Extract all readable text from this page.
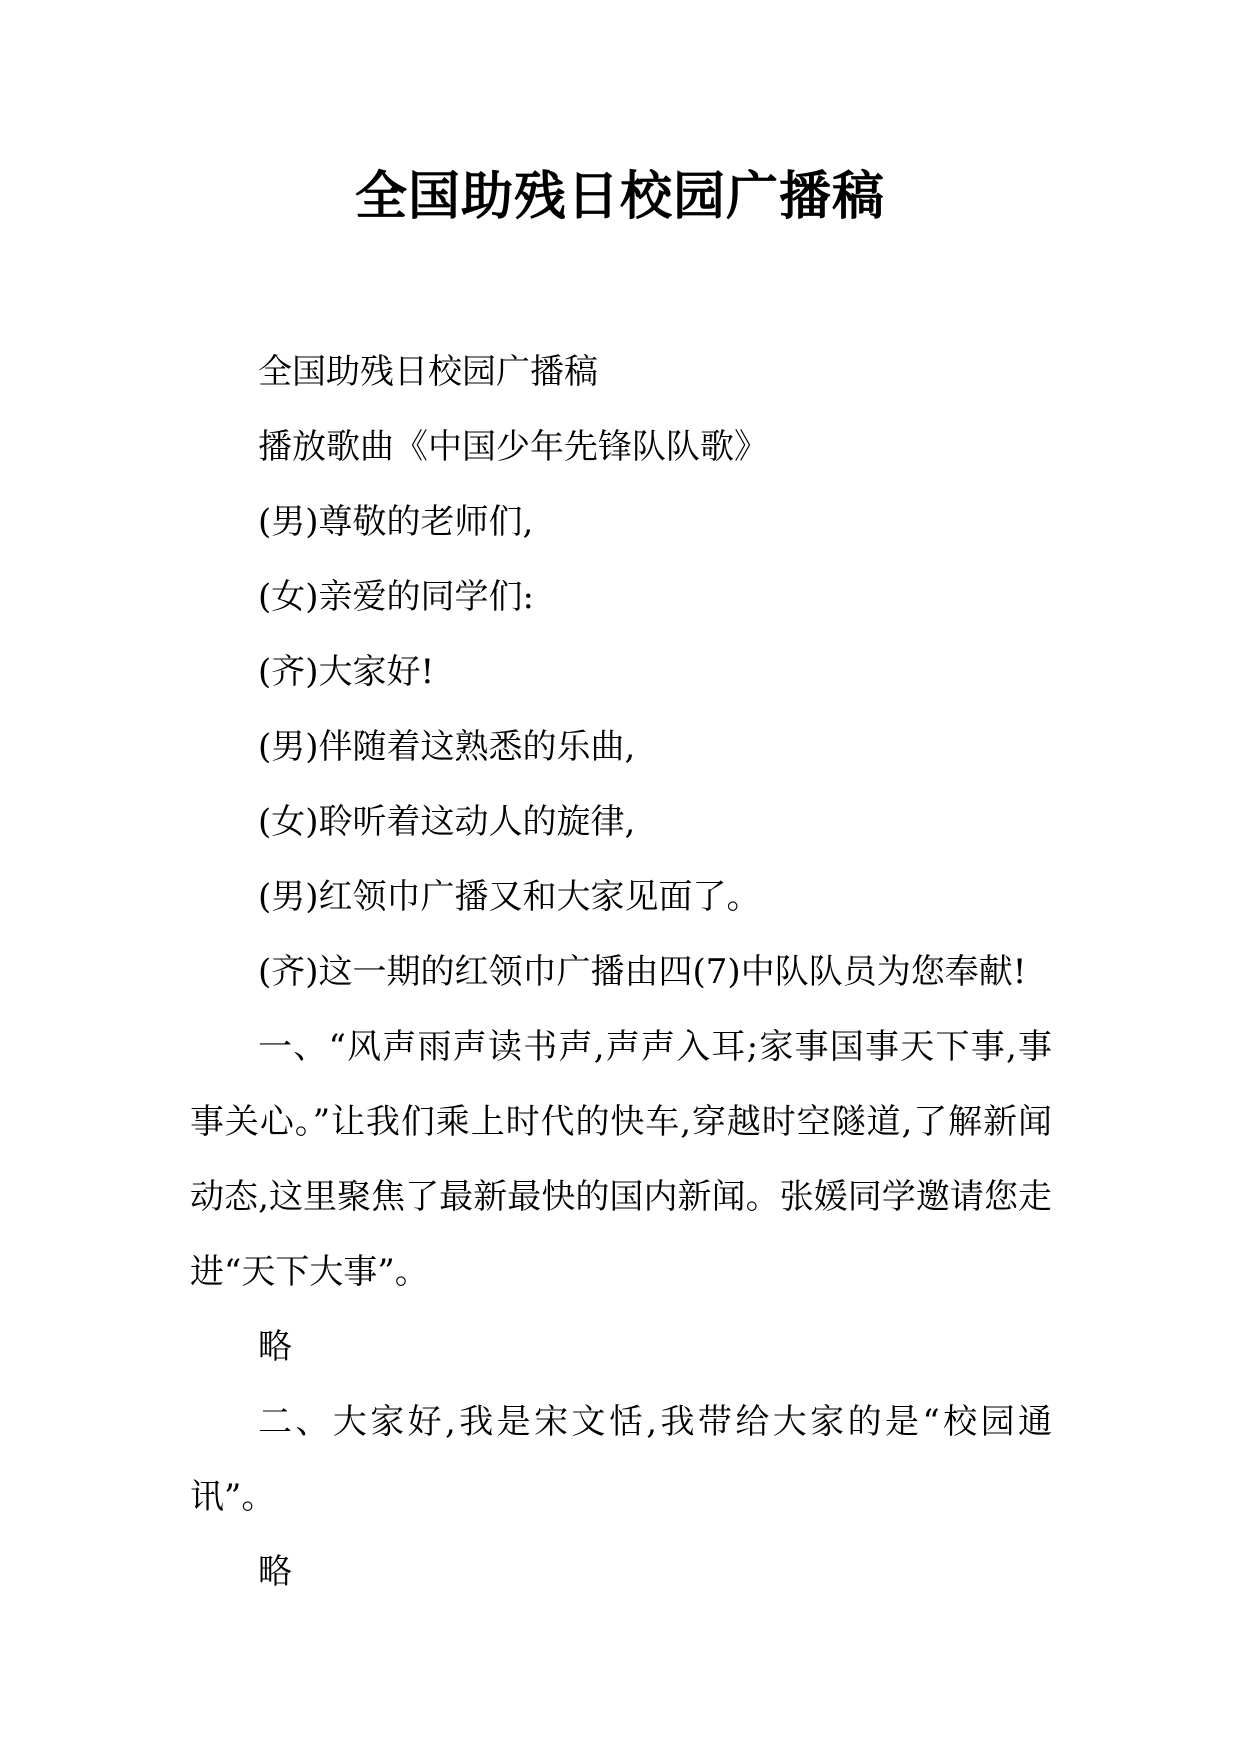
全国助残日校园广播稿

全国助残日校园广播稿

播放歌曲《中国少年先锋队队歌》

(男)尊敬的老师们,

(女)亲爱的同学们:

(齐)大家好!

(男)伴随着这熟悉的乐曲,

(女)聆听着这动人的旋律,

(男)红领巾广播又和大家见面了。

(齐)这一期的红领巾广播由四(7)中队队员为您奉献!

一、“风声雨声读书声,声声入耳;家事国事天下事,事事关心。”让我们乘上时代的快车,穿越时空隧道,了解新闻动态,这里聚焦了最新最快的国内新闻。张媛同学邀请您走进“天下大事”。

略

二、大家好,我是宋文恬,我带给大家的是“校园通讯”。

略
